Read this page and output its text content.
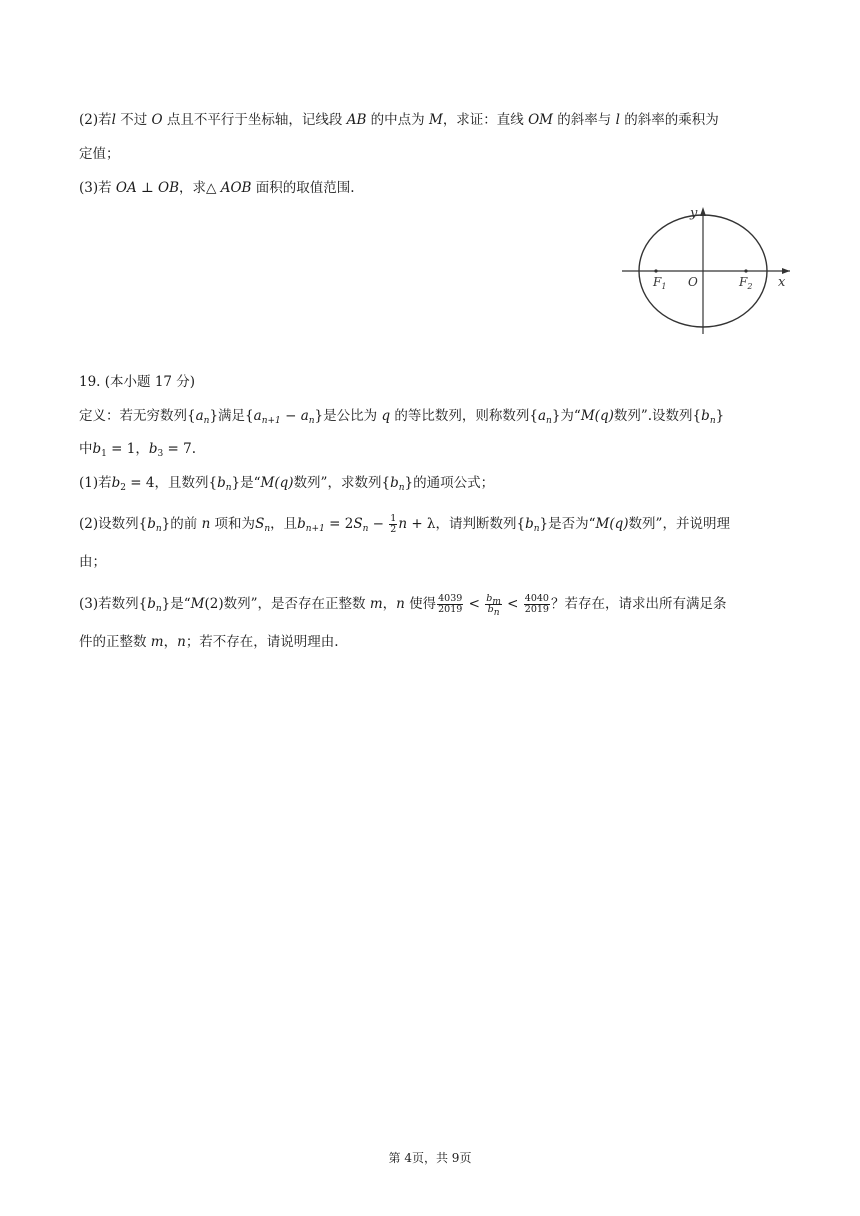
(2)若l 不过 O 点且不平行于坐标轴，记线段 AB 的中点为 M，求证：直线 OM 的斜率与 l 的斜率的乘积为
定值；
(3)若 OA ⊥ OB，求△ AOB 面积的取值范围.
y
x
O
$F_1$	$F_2$
19. (本小题 17 分)
定义：若无穷数列$\{a_n\}$满足$\{a_{n+1} - a_n\}$是公比为 q 的等比数列，则称数列$\{a_n\}$为“M(q)数列”.设数列$\{b_n\}$
中$b_1 = 1$，$b_3 = 7$.
(1)若$b_2 = 4$，且数列$\{b_n\}$是“M(q)数列”，求数列$\{b_n\}$的通项公式；
(2)设数列$\{b_n\}$的前 n 项和为$S_n$，且$b_{n+1} = 2S_n - \frac{1}{2}$ n + λ，请判断数列$\{b_n\}$是否为“M(q)数列”，并说明理
由；
(3)若数列$\{b_n\}$是“M(2)数列”，是否存在正整数 m，n 使得 $\frac{4039}{2019} < \frac{b_m}{b_n} < \frac{4040}{2019}$ ？若存在，请求出所有满足条
件的正整数 m，n；若不存在，请说明理由.
第 4页，共 9页
